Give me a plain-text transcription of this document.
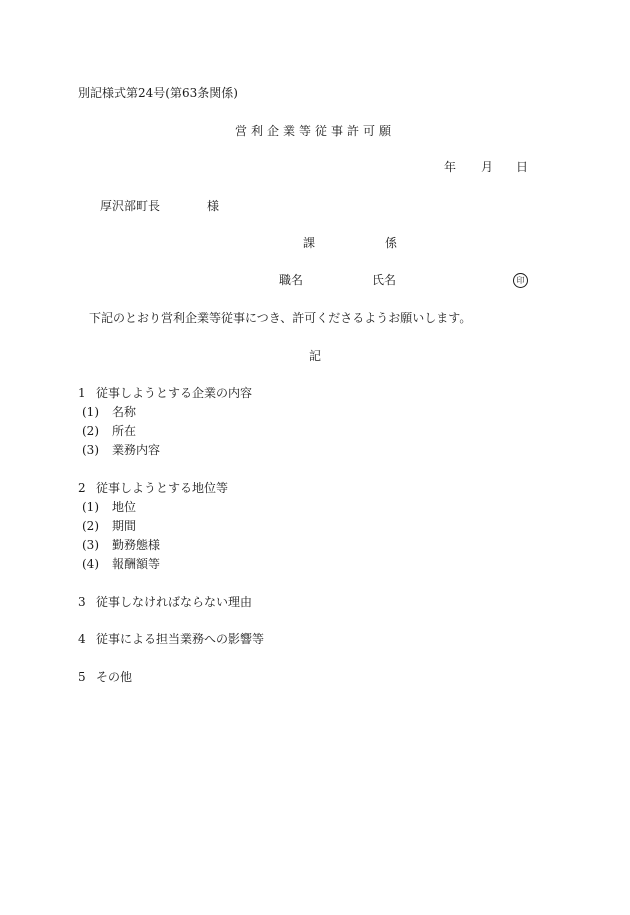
別記様式第24号(第63条関係)
営利企業等従事許可願
年 月 日
厚沢部町長	様
課	係
職名	氏名	印
下記のとおり営利企業等従事につき、許可くださるようお願いします。
記
1 従事しようとする企業の内容
(1) 名称
(2) 所在
(3) 業務内容
2 従事しようとする地位等
(1) 地位
(2) 期間
(3) 勤務態様
(4) 報酬額等
3 従事しなければならない理由
4 従事による担当業務への影響等
5 その他
